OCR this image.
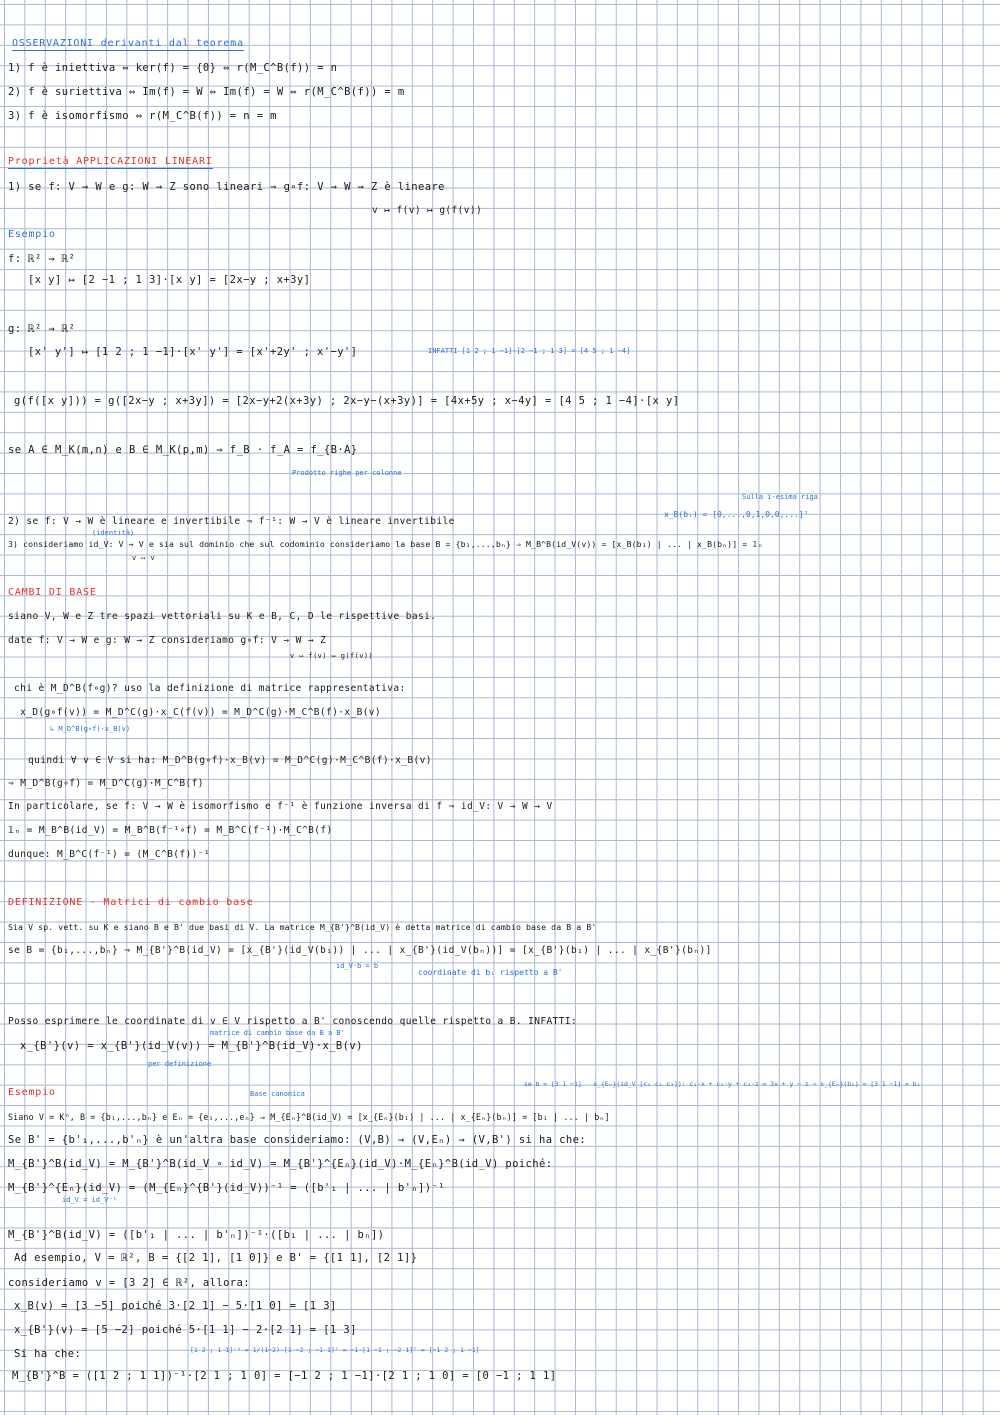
OSSERVAZIONI derivanti dal teorema
1) f è iniettiva ⇔ ker(f) = {0} ⇔ r(M_C^B(f)) = n
2) f è suriettiva ⇔ Im(f) = W ⇔ Im(f) = W ⇔ r(M_C^B(f)) = m
3) f è isomorfismo ⇔ r(M_C^B(f)) = n = m
Proprietà APPLICAZIONI LINEARI
1) se f: V → W e g: W → Z sono lineari ⇒ g∘f: V → W → Z è lineare
v ↦ f(v) ↦ g(f(v))
Esempio
f: ℝ² → ℝ²
[x y] ↦ [2 −1 ; 1 3]·[x y] = [2x−y ; x+3y]
g: ℝ² → ℝ²
[x' y'] ↦ [1 2 ; 1 −1]·[x' y'] = [x'+2y' ; x'−y']	INFATTI [1 2 ; 1 −1]·[2 −1 ; 1 3] = [4 5 ; 1 −4]
g(f([x y])) = g([2x−y ; x+3y]) = [2x−y+2(x+3y) ; 2x−y−(x+3y)] = [4x+5y ; x−4y] = [4 5 ; 1 −4]·[x y]
se A ∈ M_K(m,n) e B ∈ M_K(p,m) ⇒ f_B · f_A = f_{B·A}
Prodotto righe per colonne
Sulla i-esima riga
x_B(bᵢ) = [0,...,0,1,0,0,...]ᵀ
2) se f: V → W è lineare e invertibile ⇒ f⁻¹: W → V è lineare invertibile
(identità)
3) consideriamo id_V: V → V e sia sul dominio che sul codominio consideriamo la base B = {b₁,...,bₙ} ⇒ M_B^B(id_V(v)) = [x_B(b₁) | ... | x_B(bₙ)] = 𝟙ₙ
v ↦ v
CAMBI DI BASE
siano V, W e Z tre spazi vettoriali su K e B, C, D le rispettive basi.
date f: V → W e g: W → Z consideriamo g∘f: V → W → Z
v ↦ f(v) ↦ g(f(v))
chi è M_D^B(f∘g)? uso la definizione di matrice rappresentativa:
x_D(g∘f(v)) = M_D^C(g)·x_C(f(v)) = M_D^C(g)·M_C^B(f)·x_B(v)
↳ M_D^B(g∘f)·x_B(v)
quindi ∀ v ∈ V si ha: M_D^B(g∘f)·x_B(v) = M_D^C(g)·M_C^B(f)·x_B(v)
⇒ M_D^B(g∘f) = M_D^C(g)·M_C^B(f)
In particolare, se f: V → W è isomorfismo e f⁻¹ è funzione inversa di f ⇒ id_V: V → W → V
𝟙ₙ = M_B^B(id_V) = M_B^B(f⁻¹∘f) = M_B^C(f⁻¹)·M_C^B(f)
dunque: M_B^C(f⁻¹) = (M_C^B(f))⁻¹
DEFINIZIONE - Matrici di cambio base
Sia V sp. vett. su K e siano B e B' due basi di V. La matrice M_{B'}^B(id_V) è detta matrice di cambio base da B a B'
se B = {b₁,...,bₙ} ⇒ M_{B'}^B(id_V) = [x_{B'}(id_V(b₁)) | ... | x_{B'}(id_V(bₙ))] = [x_{B'}(b₁) | ... | x_{B'}(bₙ)]
id_V·b = b
coordinate di bᵢ rispetto a B'
Posso esprimere le coordinate di v ∈ V rispetto a B' conoscendo quelle rispetto a B. INFATTI:
matrice di cambio base da B a B'
x_{B'}(v) = x_{B'}(id_V(v)) = M_{B'}^B(id_V)·x_B(v)
per definizione
Esempio	Base canonica
se b = [3 1 −1]   x_{Eₙ}(id_V [c₁ c₂ c₃]): c₁·x + c₂·y + c₃·z = 3x + y − z ⇒ x_{Eₙ}(b₁) = [3 1 −1] = b₁
Siano V = Kⁿ, B = {b₁,...,bₙ} e Eₙ = {e₁,...,eₙ} ⇒ M_{Eₙ}^B(id_V) = [x_{Eₙ}(b₁) | ... | x_{Eₙ}(bₙ)] = [b₁ | ... | bₙ]
Se B' = {b'₁,...,b'ₙ} è un'altra base consideriamo: (V,B) → (V,Eₙ) → (V,B') si ha che:
M_{B'}^B(id_V) = M_{B'}^B(id_V ∘ id_V) = M_{B'}^{Eₙ}(id_V)·M_{Eₙ}^B(id_V) poiché:
M_{B'}^{Eₙ}(id_V) = (M_{Eₙ}^{B'}(id_V))⁻¹ = ([b'₁ | ... | b'ₙ])⁻¹
id_V = id_V⁻¹
M_{B'}^B(id_V) = ([b'₁ | ... | b'ₙ])⁻¹·([b₁ | ... | bₙ])
Ad esempio, V = ℝ², B = {[2 1], [1 0]} e B' = {[1 1], [2 1]}
consideriamo v = [3 2] ∈ ℝ², allora:
x_B(v) = [3 −5] poiché 3·[2 1] − 5·[1 0] = [1 3]
x_{B'}(v) = [5 −2] poiché 5·[1 1] − 2·[2 1] = [1 3]
Si ha che:	[1 2 ; 1 1]⁻¹ = 1/(1−2)·[1 −2 ; −1 1]ᵀ = −1·[1 −1 ; −2 1]ᵀ = [−1 2 ; 1 −1]
M_{B'}^B = ([1 2 ; 1 1])⁻¹·[2 1 ; 1 0] = [−1 2 ; 1 −1]·[2 1 ; 1 0] = [0 −1 ; 1 1]
